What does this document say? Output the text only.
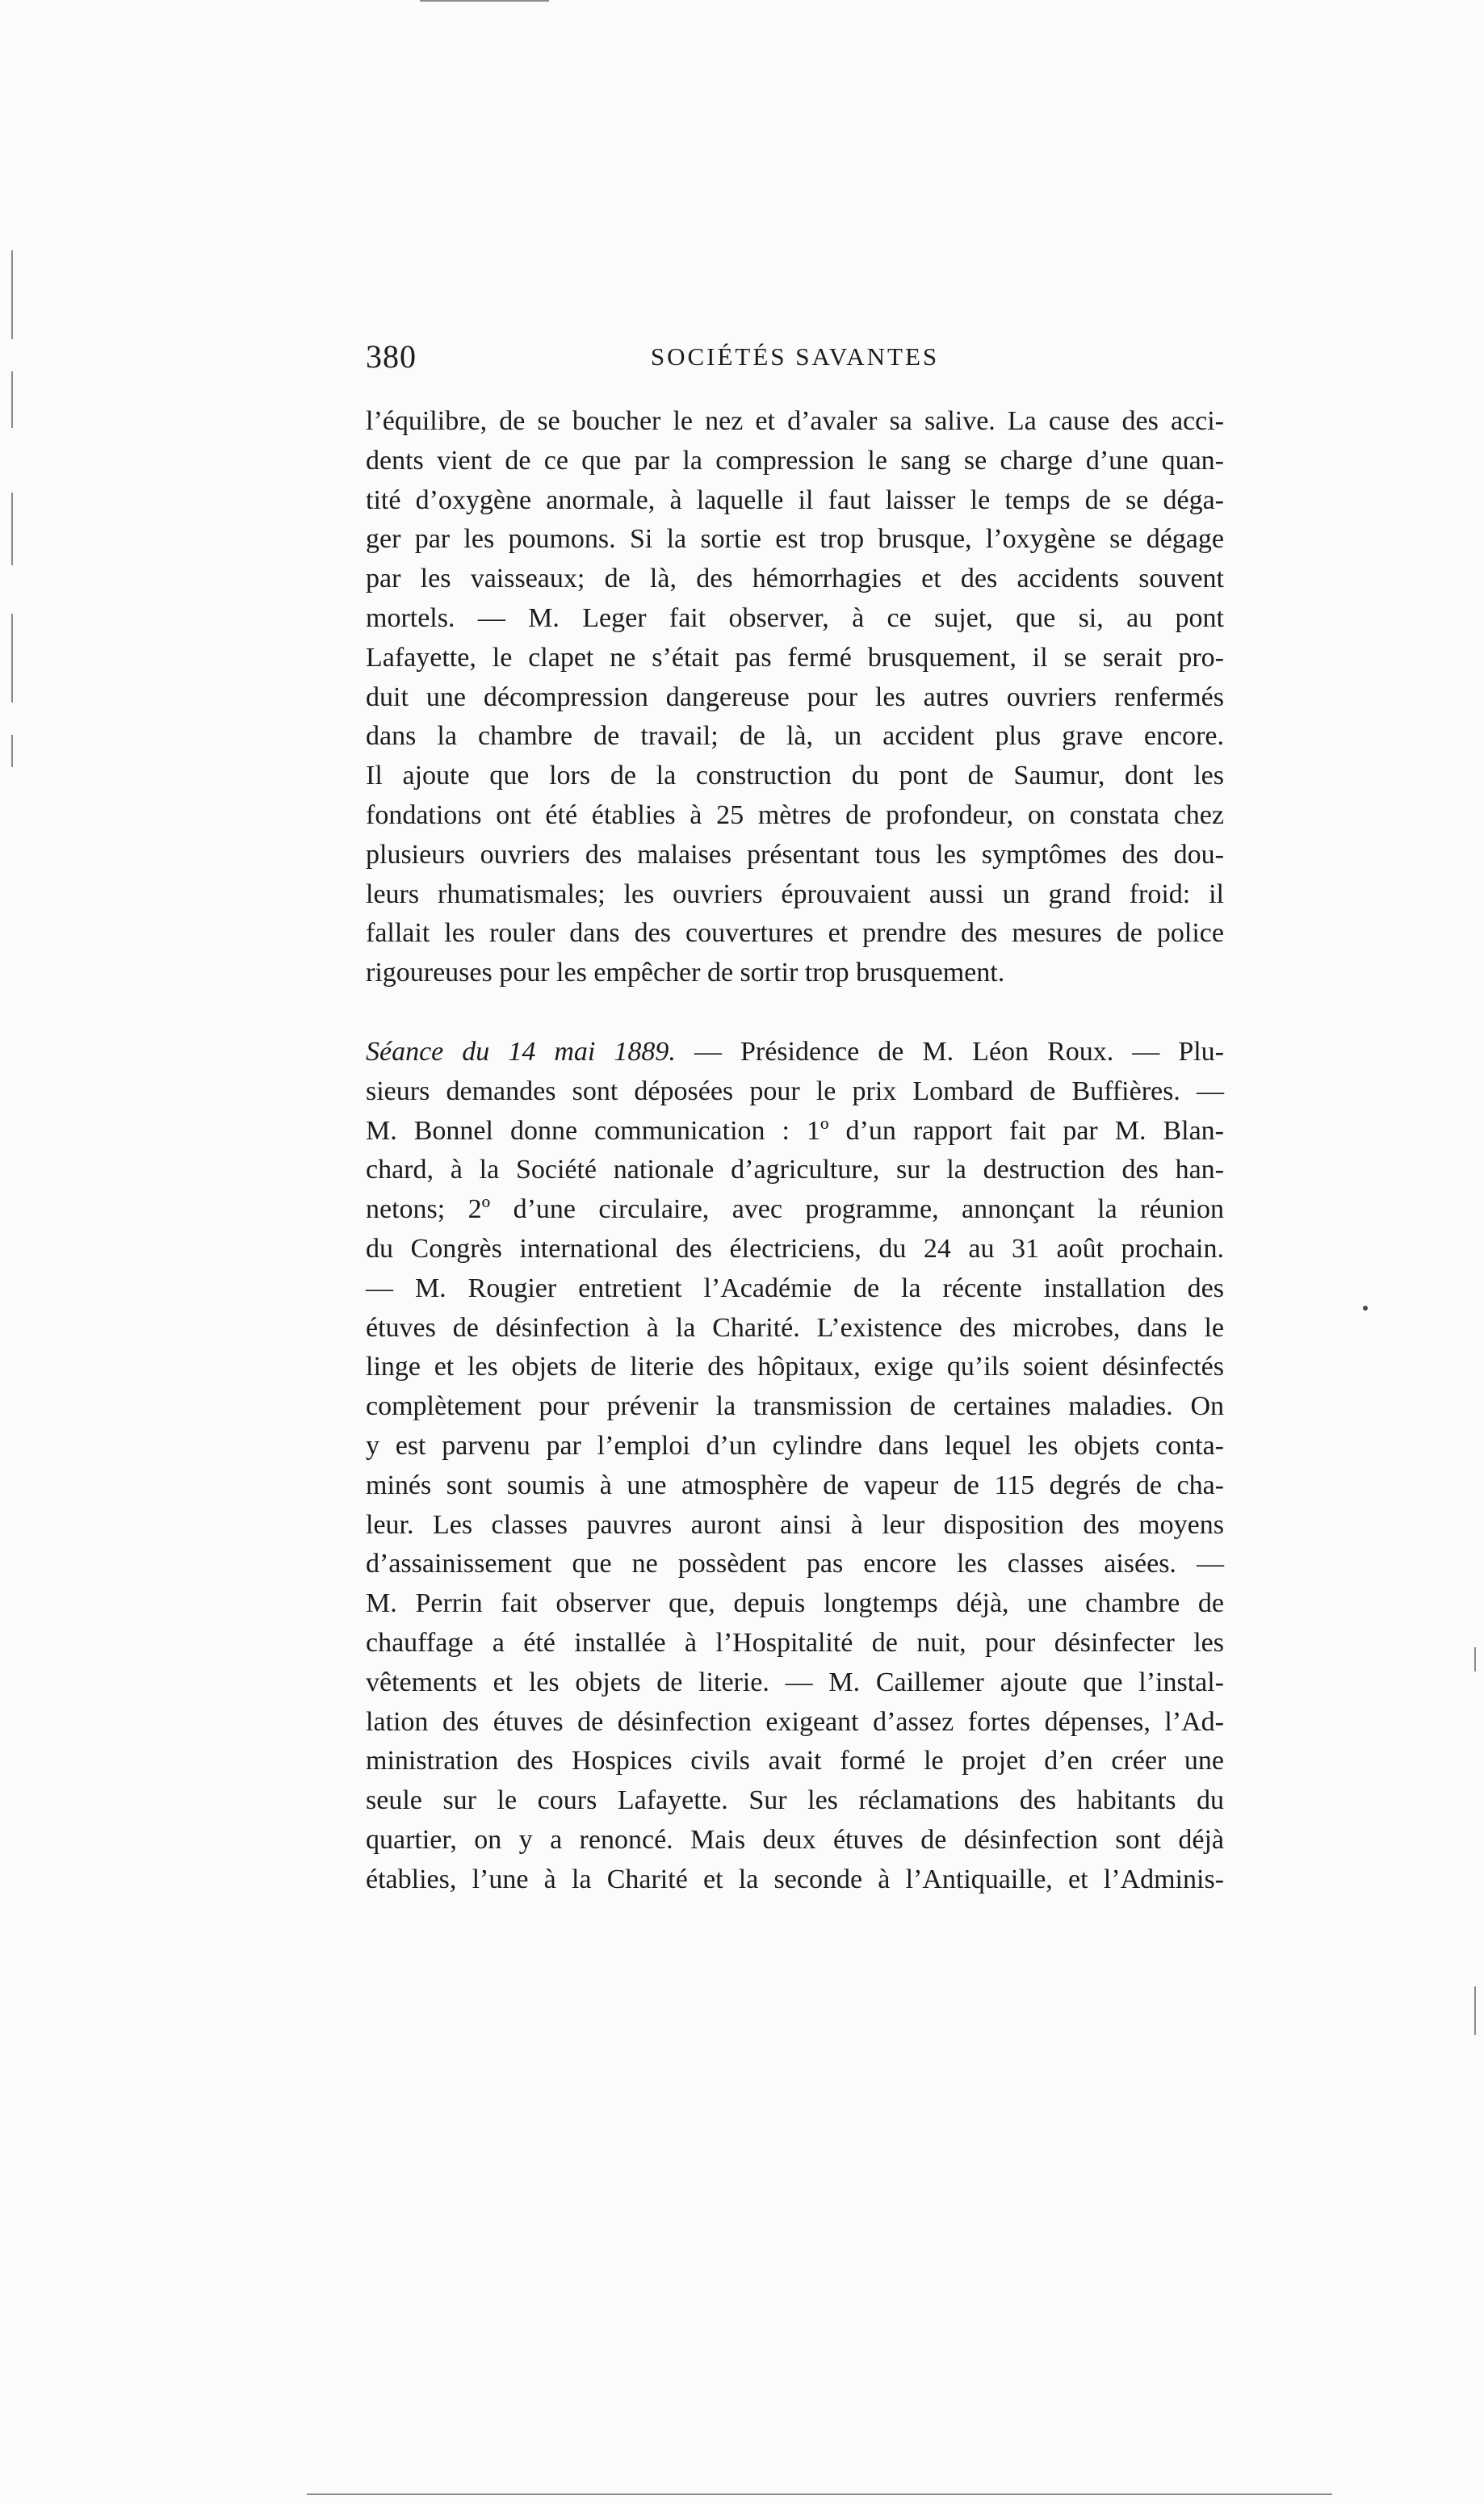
380	SOCIÉTÉS SAVANTES
l’équilibre, de se boucher le nez et d’avaler sa salive. La cause des acci-
dents vient de ce que par la compression le sang se charge d’une quan-
tité d’oxygène anormale, à laquelle il faut laisser le temps de se déga-
ger par les poumons. Si la sortie est trop brusque, l’oxygène se dégage
par les vaisseaux; de là, des hémorrhagies et des accidents souvent
mortels. — M. Leger fait observer, à ce sujet, que si, au pont
Lafayette, le clapet ne s’était pas fermé brusquement, il se serait pro-
duit une décompression dangereuse pour les autres ouvriers renfermés
dans la chambre de travail; de là, un accident plus grave encore.
Il ajoute que lors de la construction du pont de Saumur, dont les
fondations ont été établies à 25 mètres de profondeur, on constata chez
plusieurs ouvriers des malaises présentant tous les symptômes des dou-
leurs rhumatismales; les ouvriers éprouvaient aussi un grand froid: il
fallait les rouler dans des couvertures et prendre des mesures de police
rigoureuses pour les empêcher de sortir trop brusquement.
Séance du 14 mai 1889. — Présidence de M. Léon Roux. — Plu-
sieurs demandes sont déposées pour le prix Lombard de Buffières. —
M. Bonnel donne communication : 1º d’un rapport fait par M. Blan-
chard, à la Société nationale d’agriculture, sur la destruction des han-
netons; 2º d’une circulaire, avec programme, annonçant la réunion
du Congrès international des électriciens, du 24 au 31 août prochain.
— M. Rougier entretient l’Académie de la récente installation des
étuves de désinfection à la Charité. L’existence des microbes, dans le
linge et les objets de literie des hôpitaux, exige qu’ils soient désinfectés
complètement pour prévenir la transmission de certaines maladies. On
y est parvenu par l’emploi d’un cylindre dans lequel les objets conta-
minés sont soumis à une atmosphère de vapeur de 115 degrés de cha-
leur. Les classes pauvres auront ainsi à leur disposition des moyens
d’assainissement que ne possèdent pas encore les classes aisées. —
M. Perrin fait observer que, depuis longtemps déjà, une chambre de
chauffage a été installée à l’Hospitalité de nuit, pour désinfecter les
vêtements et les objets de literie. — M. Caillemer ajoute que l’instal-
lation des étuves de désinfection exigeant d’assez fortes dépenses, l’Ad-
ministration des Hospices civils avait formé le projet d’en créer une
seule sur le cours Lafayette. Sur les réclamations des habitants du
quartier, on y a renoncé. Mais deux étuves de désinfection sont déjà
établies, l’une à la Charité et la seconde à l’Antiquaille, et l’Adminis-
